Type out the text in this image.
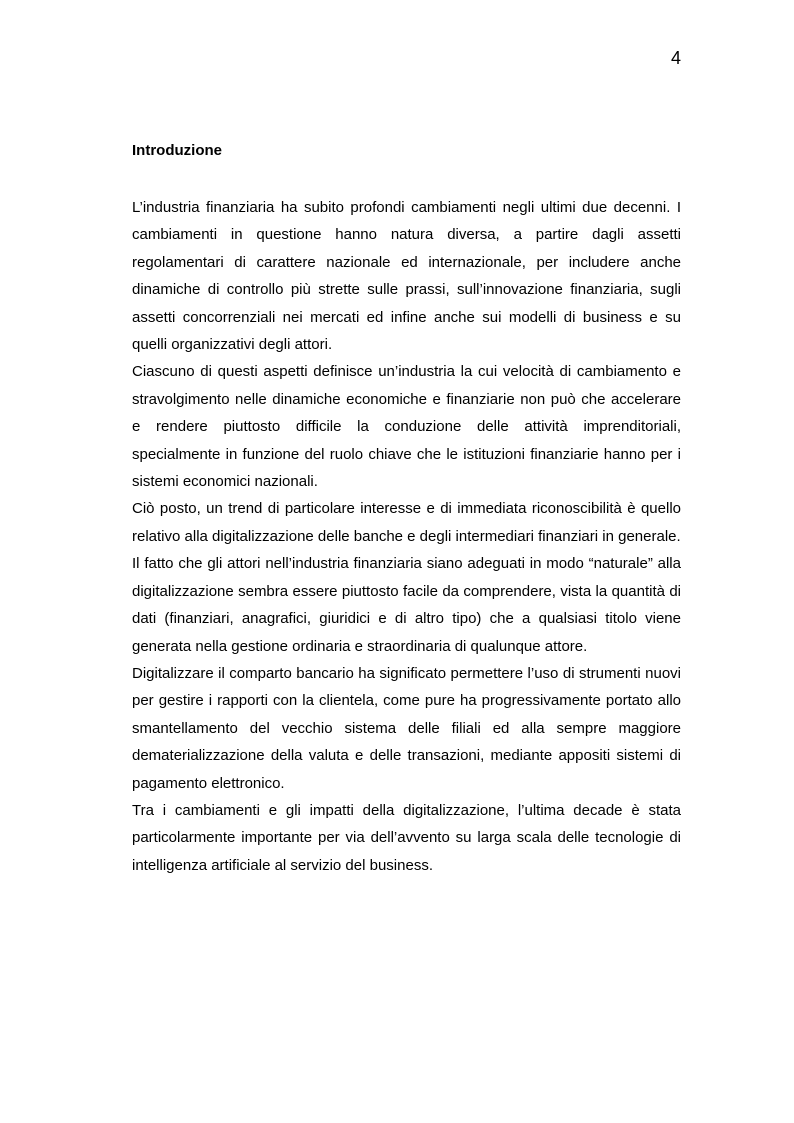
4
Introduzione

L’industria finanziaria ha subito profondi cambiamenti negli ultimi due decenni. I cambiamenti in questione hanno natura diversa, a partire dagli assetti regolamentari di carattere nazionale ed internazionale, per includere anche dinamiche di controllo più strette sulle prassi, sull’innovazione finanziaria, sugli assetti concorrenziali nei mercati ed infine anche sui modelli di business e su quelli organizzativi degli attori.

Ciascuno di questi aspetti definisce un’industria la cui velocità di cambiamento e stravolgimento nelle dinamiche economiche e finanziarie non può che accelerare e rendere piuttosto difficile la conduzione delle attività imprenditoriali, specialmente in funzione del ruolo chiave che le istituzioni finanziarie hanno per i sistemi economici nazionali.

Ciò posto, un trend di particolare interesse e di immediata riconoscibilità è quello relativo alla digitalizzazione delle banche e degli intermediari finanziari in generale.

Il fatto che gli attori nell’industria finanziaria siano adeguati in modo “naturale” alla digitalizzazione sembra essere piuttosto facile da comprendere, vista la quantità di dati (finanziari, anagrafici, giuridici e di altro tipo) che a qualsiasi titolo viene generata nella gestione ordinaria e straordinaria di qualunque attore.

Digitalizzare il comparto bancario ha significato permettere l’uso di strumenti nuovi per gestire i rapporti con la clientela, come pure ha progressivamente portato allo smantellamento del vecchio sistema delle filiali ed alla sempre maggiore dematerializzazione della valuta e delle transazioni, mediante appositi sistemi di pagamento elettronico.

Tra i cambiamenti e gli impatti della digitalizzazione, l’ultima decade è stata particolarmente importante per via dell’avvento su larga scala delle tecnologie di intelligenza artificiale al servizio del business.
